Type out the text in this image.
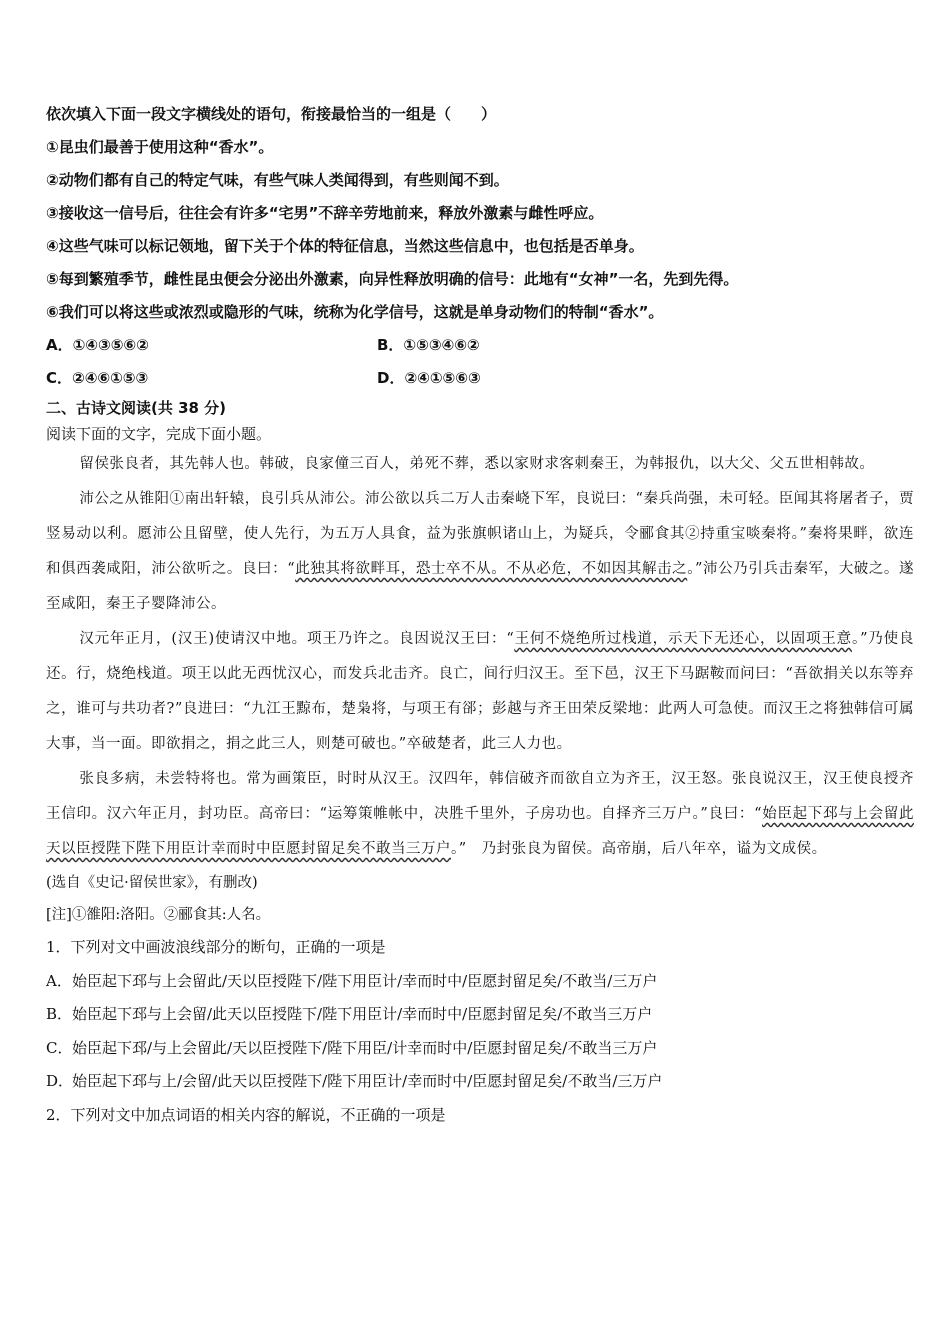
依次填入下面一段文字横线处的语句，衔接最恰当的一组是（　　）
①昆虫们最善于使用这种“香水”。
②动物们都有自己的特定气味，有些气味人类闻得到，有些则闻不到。
③接收这一信号后，往往会有许多“宅男”不辞辛劳地前来，释放外激素与雌性呼应。
④这些气味可以标记领地，留下关于个体的特征信息，当然这些信息中，也包括是否单身。
⑤每到繁殖季节，雌性昆虫便会分泌出外激素，向异性释放明确的信号：此地有“女神”一名，先到先得。
⑥我们可以将这些或浓烈或隐形的气味，统称为化学信号，这就是单身动物们的特制“香水”。
A．①④③⑤⑥②	B．①⑤③④⑥②
C．②④⑥①⑤③	D．②④①⑤⑥③
二、古诗文阅读(共 38 分)
阅读下面的文字，完成下面小题。
留侯张良者，其先韩人也。韩破，良家僮三百人，弟死不葬，悉以家财求客刺秦王，为韩报仇，以大父、父五世相韩故。
沛公之从锥阳①南出轩辕，良引兵从沛公。沛公欲以兵二万人击秦峣下军，良说曰：“秦兵尚强，未可轻。臣闻其将屠者子，贾竖易动以利。愿沛公且留壁，使人先行，为五万人具食，益为张旗帜诸山上，为疑兵，令郦食其②持重宝啖秦将。”秦将果畔，欲连和俱西袭咸阳，沛公欲听之。良曰：“此独其将欲畔耳，恐士卒不从。不从必危，不如因其解击之。”沛公乃引兵击秦军，大破之。遂至咸阳，秦王子婴降沛公。
汉元年正月，(汉王)使请汉中地。项王乃许之。良因说汉王曰：“王何不烧绝所过栈道，示天下无还心，以固项王意。”乃使良还。行，烧绝栈道。项王以此无西忧汉心，而发兵北击齐。良亡，间行归汉王。至下邑，汉王下马踞鞍而问曰：“吾欲捐关以东等弃之，谁可与共功者?”良进曰：“九江王黥布，楚枭将，与项王有郤；彭越与齐王田荣反梁地：此两人可急使。而汉王之将独韩信可属大事，当一面。即欲捐之，捐之此三人，则楚可破也。”卒破楚者，此三人力也。
张良多病，未尝特将也。常为画策臣，时时从汉王。汉四年，韩信破齐而欲自立为齐王，汉王怒。张良说汉王，汉王使良授齐王信印。汉六年正月，封功臣。高帝曰：“运筹策帷帐中，决胜千里外，子房功也。自择齐三万户。”良曰：“始臣起下邳与上会留此天以臣授陛下陛下用臣计幸而时中臣愿封留足矣不敢当三万户。”　乃封张良为留侯。高帝崩，后八年卒，谥为文成侯。
(选自《史记·留侯世家》，有删改)
[注]①雒阳:洛阳。②郦食其:人名。
1．下列对文中画波浪线部分的断句，正确的一项是
A．始臣起下邳与上会留此/天以臣授陛下/陛下用臣计/幸而时中/臣愿封留足矣/不敢当/三万户
B．始臣起下邳与上会留/此天以臣授陛下/陛下用臣计/幸而时中/臣愿封留足矣/不敢当三万户
C．始臣起下邳/与上会留此/天以臣授陛下/陛下用臣/计幸而时中/臣愿封留足矣/不敢当三万户
D．始臣起下邳与上/会留/此天以臣授陛下/陛下用臣计/幸而时中/臣愿封留足矣/不敢当/三万户
2．下列对文中加点词语的相关内容的解说，不正确的一项是
